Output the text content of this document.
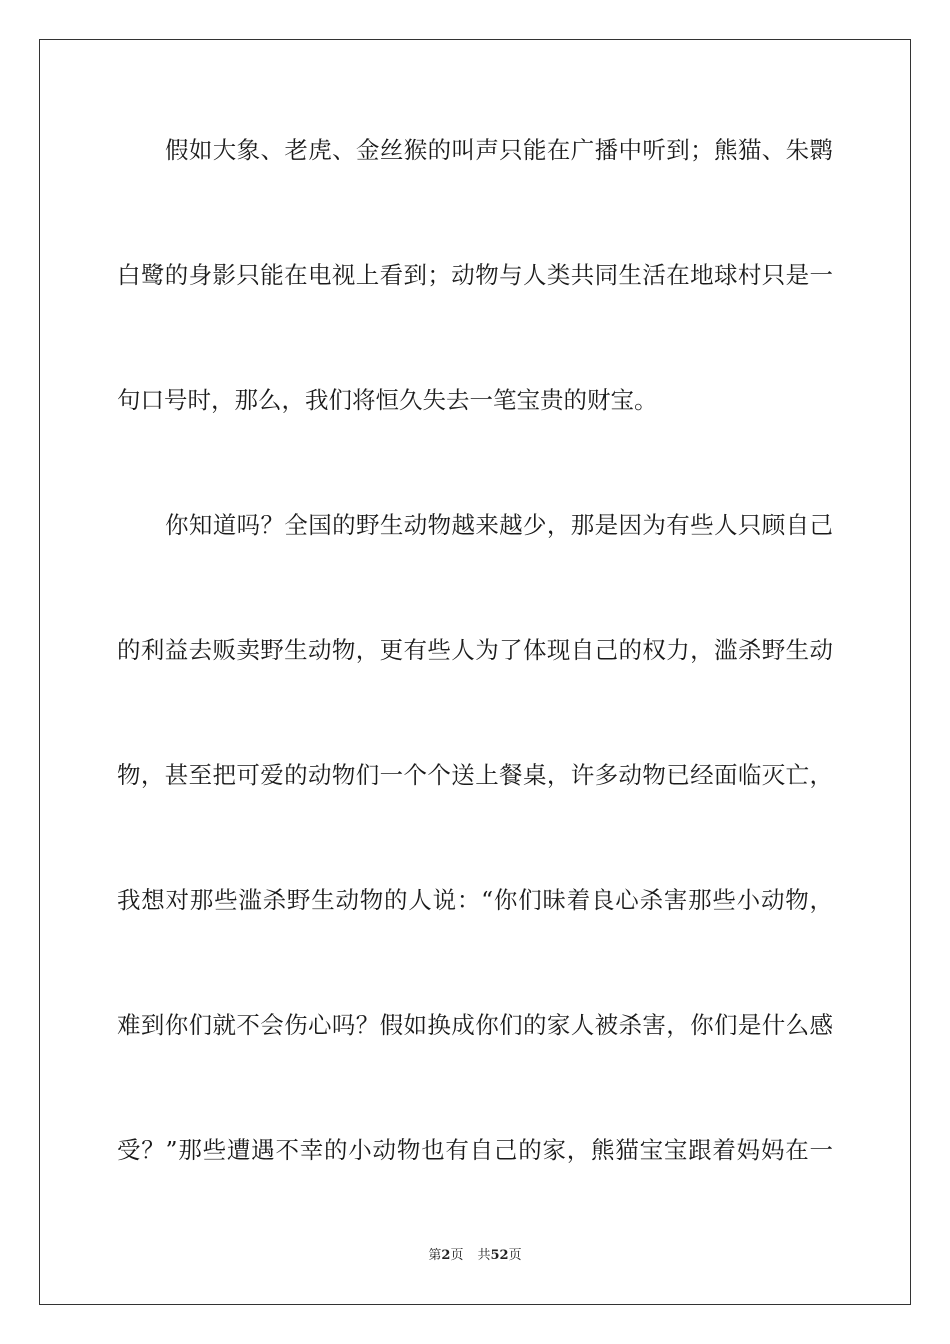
假如大象、老虎、金丝猴的叫声只能在广播中听到；熊猫、朱鹮
白鹭的身影只能在电视上看到；动物与人类共同生活在地球村只是一
句口号时，那么，我们将恒久失去一笔宝贵的财宝。
你知道吗？全国的野生动物越来越少，那是因为有些人只顾自己
的利益去贩卖野生动物，更有些人为了体现自己的权力，滥杀野生动
物，甚至把可爱的动物们一个个送上餐桌，许多动物已经面临灭亡，
我想对那些滥杀野生动物的人说：“你们昧着良心杀害那些小动物，
难到你们就不会伤心吗？假如换成你们的家人被杀害，你们是什么感
受？”那些遭遇不幸的小动物也有自己的家，熊猫宝宝跟着妈妈在一
第2页 共52页
